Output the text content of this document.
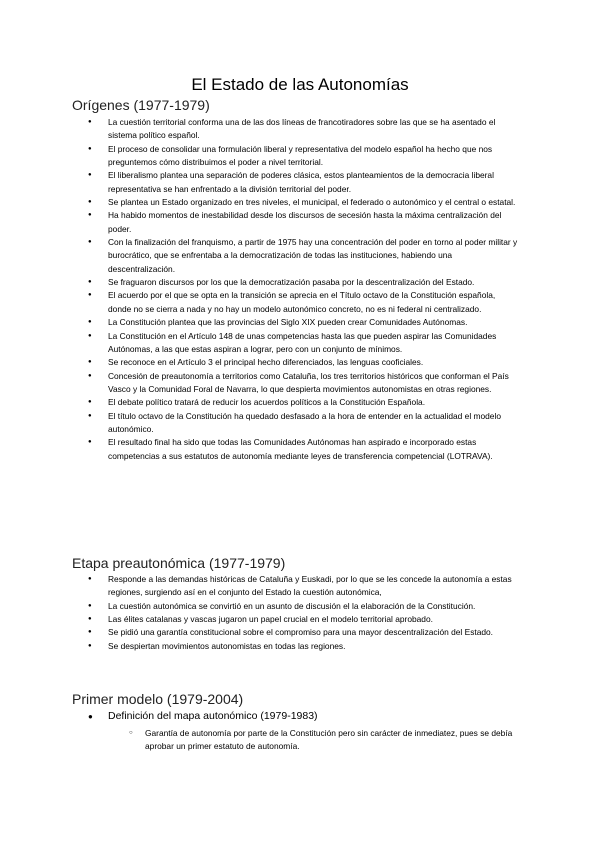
El Estado de las Autonomías
Orígenes (1977-1979)
● La cuestión territorial conforma una de las dos líneas de francotiradores sobre las que se ha asentado el sistema político español.
● El proceso de consolidar una formulación liberal y representativa del modelo español ha hecho que nos preguntemos cómo distribuimos el poder a nivel territorial.
● El liberalismo plantea una separación de poderes clásica, estos planteamientos de la democracia liberal representativa se han enfrentado a la división territorial del poder.
● Se plantea un Estado organizado en tres niveles, el municipal, el federado o autonómico y el central o estatal.
● Ha habido momentos de inestabilidad desde los discursos de secesión hasta la máxima centralización del poder.
● Con la finalización del franquismo, a partir de 1975 hay una concentración del poder en torno al poder militar y burocrático, que se enfrentaba a la democratización de todas las instituciones, habiendo una descentralización.
● Se fraguaron discursos por los que la democratización pasaba por la descentralización del Estado.
● El acuerdo por el que se opta en la transición se aprecia en el Título octavo de la Constitución española, donde no se cierra a nada y no hay un modelo autonómico concreto, no es ni federal ni centralizado.
● La Constitución plantea que las provincias del Siglo XIX pueden crear Comunidades Autónomas.
● La Constitución en el Artículo 148 de unas competencias hasta las que pueden aspirar las Comunidades Autónomas, a las que estas aspiran a lograr, pero con un conjunto de mínimos.
● Se reconoce en el Artículo 3 el principal hecho diferenciados, las lenguas cooficiales.
● Concesión de preautonomía a territorios como Cataluña, los tres territorios históricos que conforman el País Vasco y la Comunidad Foral de Navarra, lo que despierta movimientos autonomistas en otras regiones.
● El debate político tratará de reducir los acuerdos políticos a la Constitución Española.
● El título octavo de la Constitución ha quedado desfasado a la hora de entender en la actualidad el modelo autonómico.
● El resultado final ha sido que todas las Comunidades Autónomas han aspirado e incorporado estas competencias a sus estatutos de autonomía mediante leyes de transferencia competencial (LOTRAVA).
Etapa preautonómica (1977-1979)
● Responde a las demandas históricas de Cataluña y Euskadi, por lo que se les concede la autonomía a estas regiones, surgiendo así en el conjunto del Estado la cuestión autonómica,
● La cuestión autonómica se convirtió en un asunto de discusión el la elaboración de la Constitución.
● Las élites catalanas y vascas jugaron un papel crucial en el modelo territorial aprobado.
● Se pidió una garantía constitucional sobre el compromiso para una mayor descentralización del Estado.
● Se despiertan movimientos autonomistas en todas las regiones.
Primer modelo (1979-2004)
● Definición del mapa autonómico (1979-1983)
○ Garantía de autonomía por parte de la Constitución pero sin carácter de inmediatez, pues se debía aprobar un primer estatuto de autonomía.
